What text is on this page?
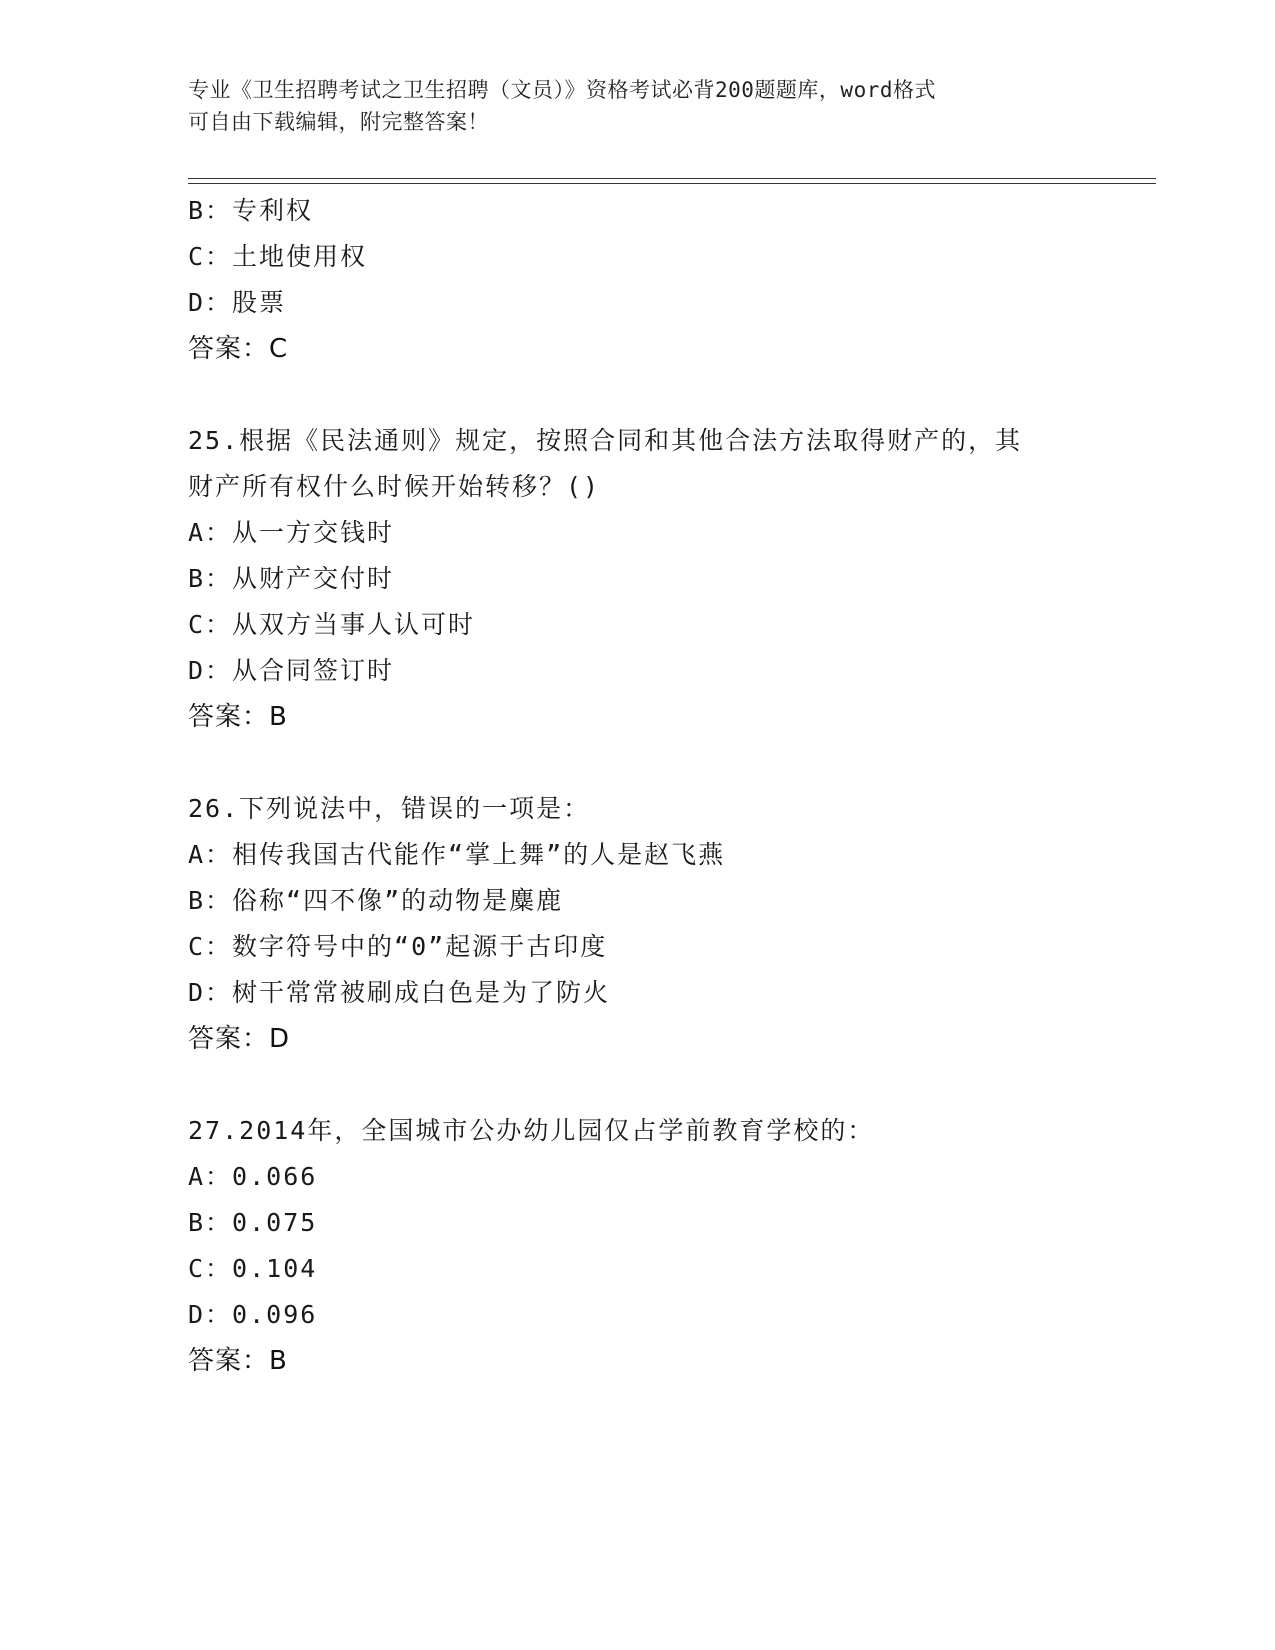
专业《卫生招聘考试之卫生招聘（文员）》资格考试必背200题题库，word格式
可自由下载编辑，附完整答案！
B：专利权
C：土地使用权
D：股票
答案：C
25.根据《民法通则》规定，按照合同和其他合法方法取得财产的，其
财产所有权什么时候开始转移？()
A：从一方交钱时
B：从财产交付时
C：从双方当事人认可时
D：从合同签订时
答案：B
26.下列说法中，错误的一项是：
A：相传我国古代能作“掌上舞”的人是赵飞燕
B：俗称“四不像”的动物是麋鹿
C：数字符号中的“0”起源于古印度
D：树干常常被刷成白色是为了防火
答案：D
27.2014年，全国城市公办幼儿园仅占学前教育学校的：
A：0.066
B：0.075
C：0.104
D：0.096
答案：B
